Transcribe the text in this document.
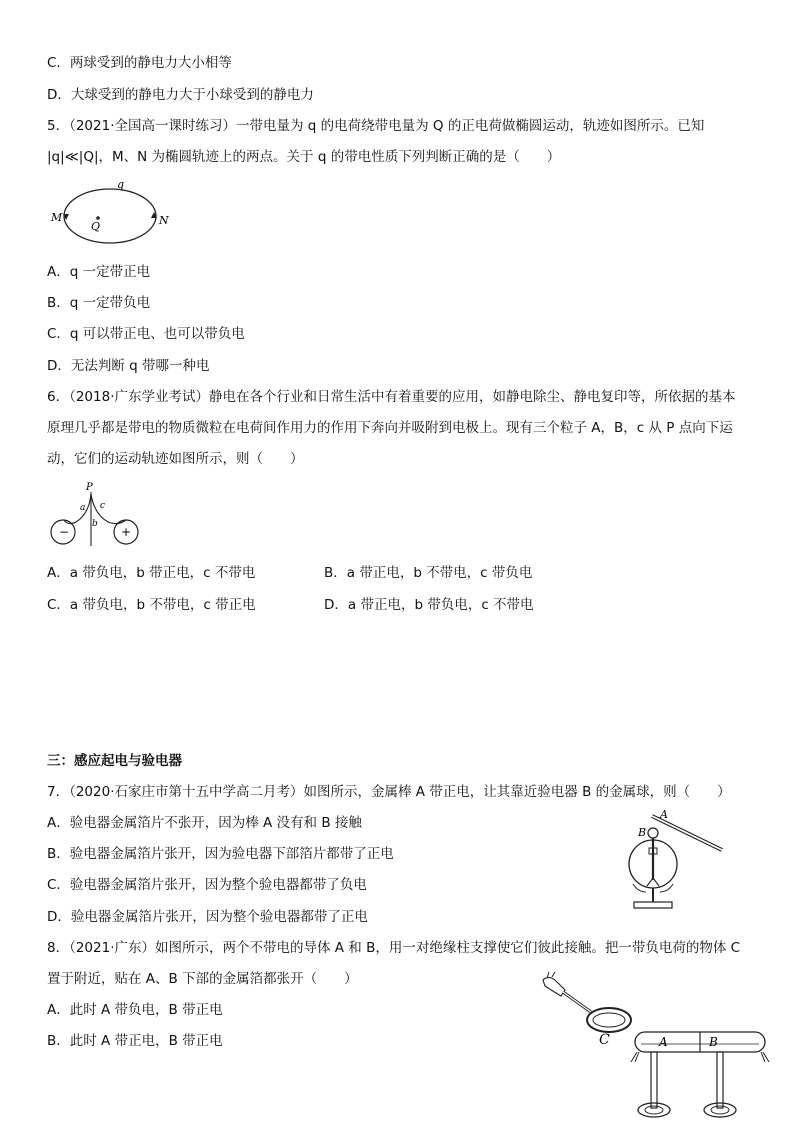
C．两球受到的静电力大小相等
D．大球受到的静电力大于小球受到的静电力
5．（2021·全国高一课时练习）一带电量为 q 的电荷绕带电量为 Q 的正电荷做椭圆运动，轨迹如图所示。已知
|q|≪|Q|，M、N 为椭圆轨迹上的两点。关于 q 的带电性质下列判断正确的是（　　）
M	N
q
Q
A．q 一定带正电
B．q 一定带负电
C．q 可以带正电、也可以带负电
D．无法判断 q 带哪一种电
6．（2018·广东学业考试）静电在各个行业和日常生活中有着重要的应用，如静电除尘、静电复印等，所依据的基本
原理几乎都是带电的物质微粒在电荷间作用力的作用下奔向并吸附到电极上。现有三个粒子 A，B，c 从 P 点向下运
动，它们的运动轨迹如图所示，则（　　）
P
a
b
c
−	+
A．a 带负电，b 带正电，c 不带电	B．a 带正电，b 不带电，c 带负电
C．a 带负电，b 不带电，c 带正电	D．a 带正电，b 带负电，c 不带电
三：感应起电与验电器
7．（2020·石家庄市第十五中学高二月考）如图所示，金属棒 A 带正电，让其靠近验电器 B 的金属球，则（　　）
A．验电器金属箔片不张开，因为棒 A 没有和 B 接触
B．验电器金属箔片张开，因为验电器下部箔片都带了正电
C．验电器金属箔片张开，因为整个验电器都带了负电
D．验电器金属箔片张开，因为整个验电器都带了正电
A
B
8．（2021·广东）如图所示，两个不带电的导体 A 和 B，用一对绝缘柱支撑使它们彼此接触。把一带负电荷的物体 C
置于附近，贴在 A、B 下部的金属箔都张开（　　）
A．此时 A 带负电，B 带正电
B．此时 A 带正电，B 带正电	C	A	B
